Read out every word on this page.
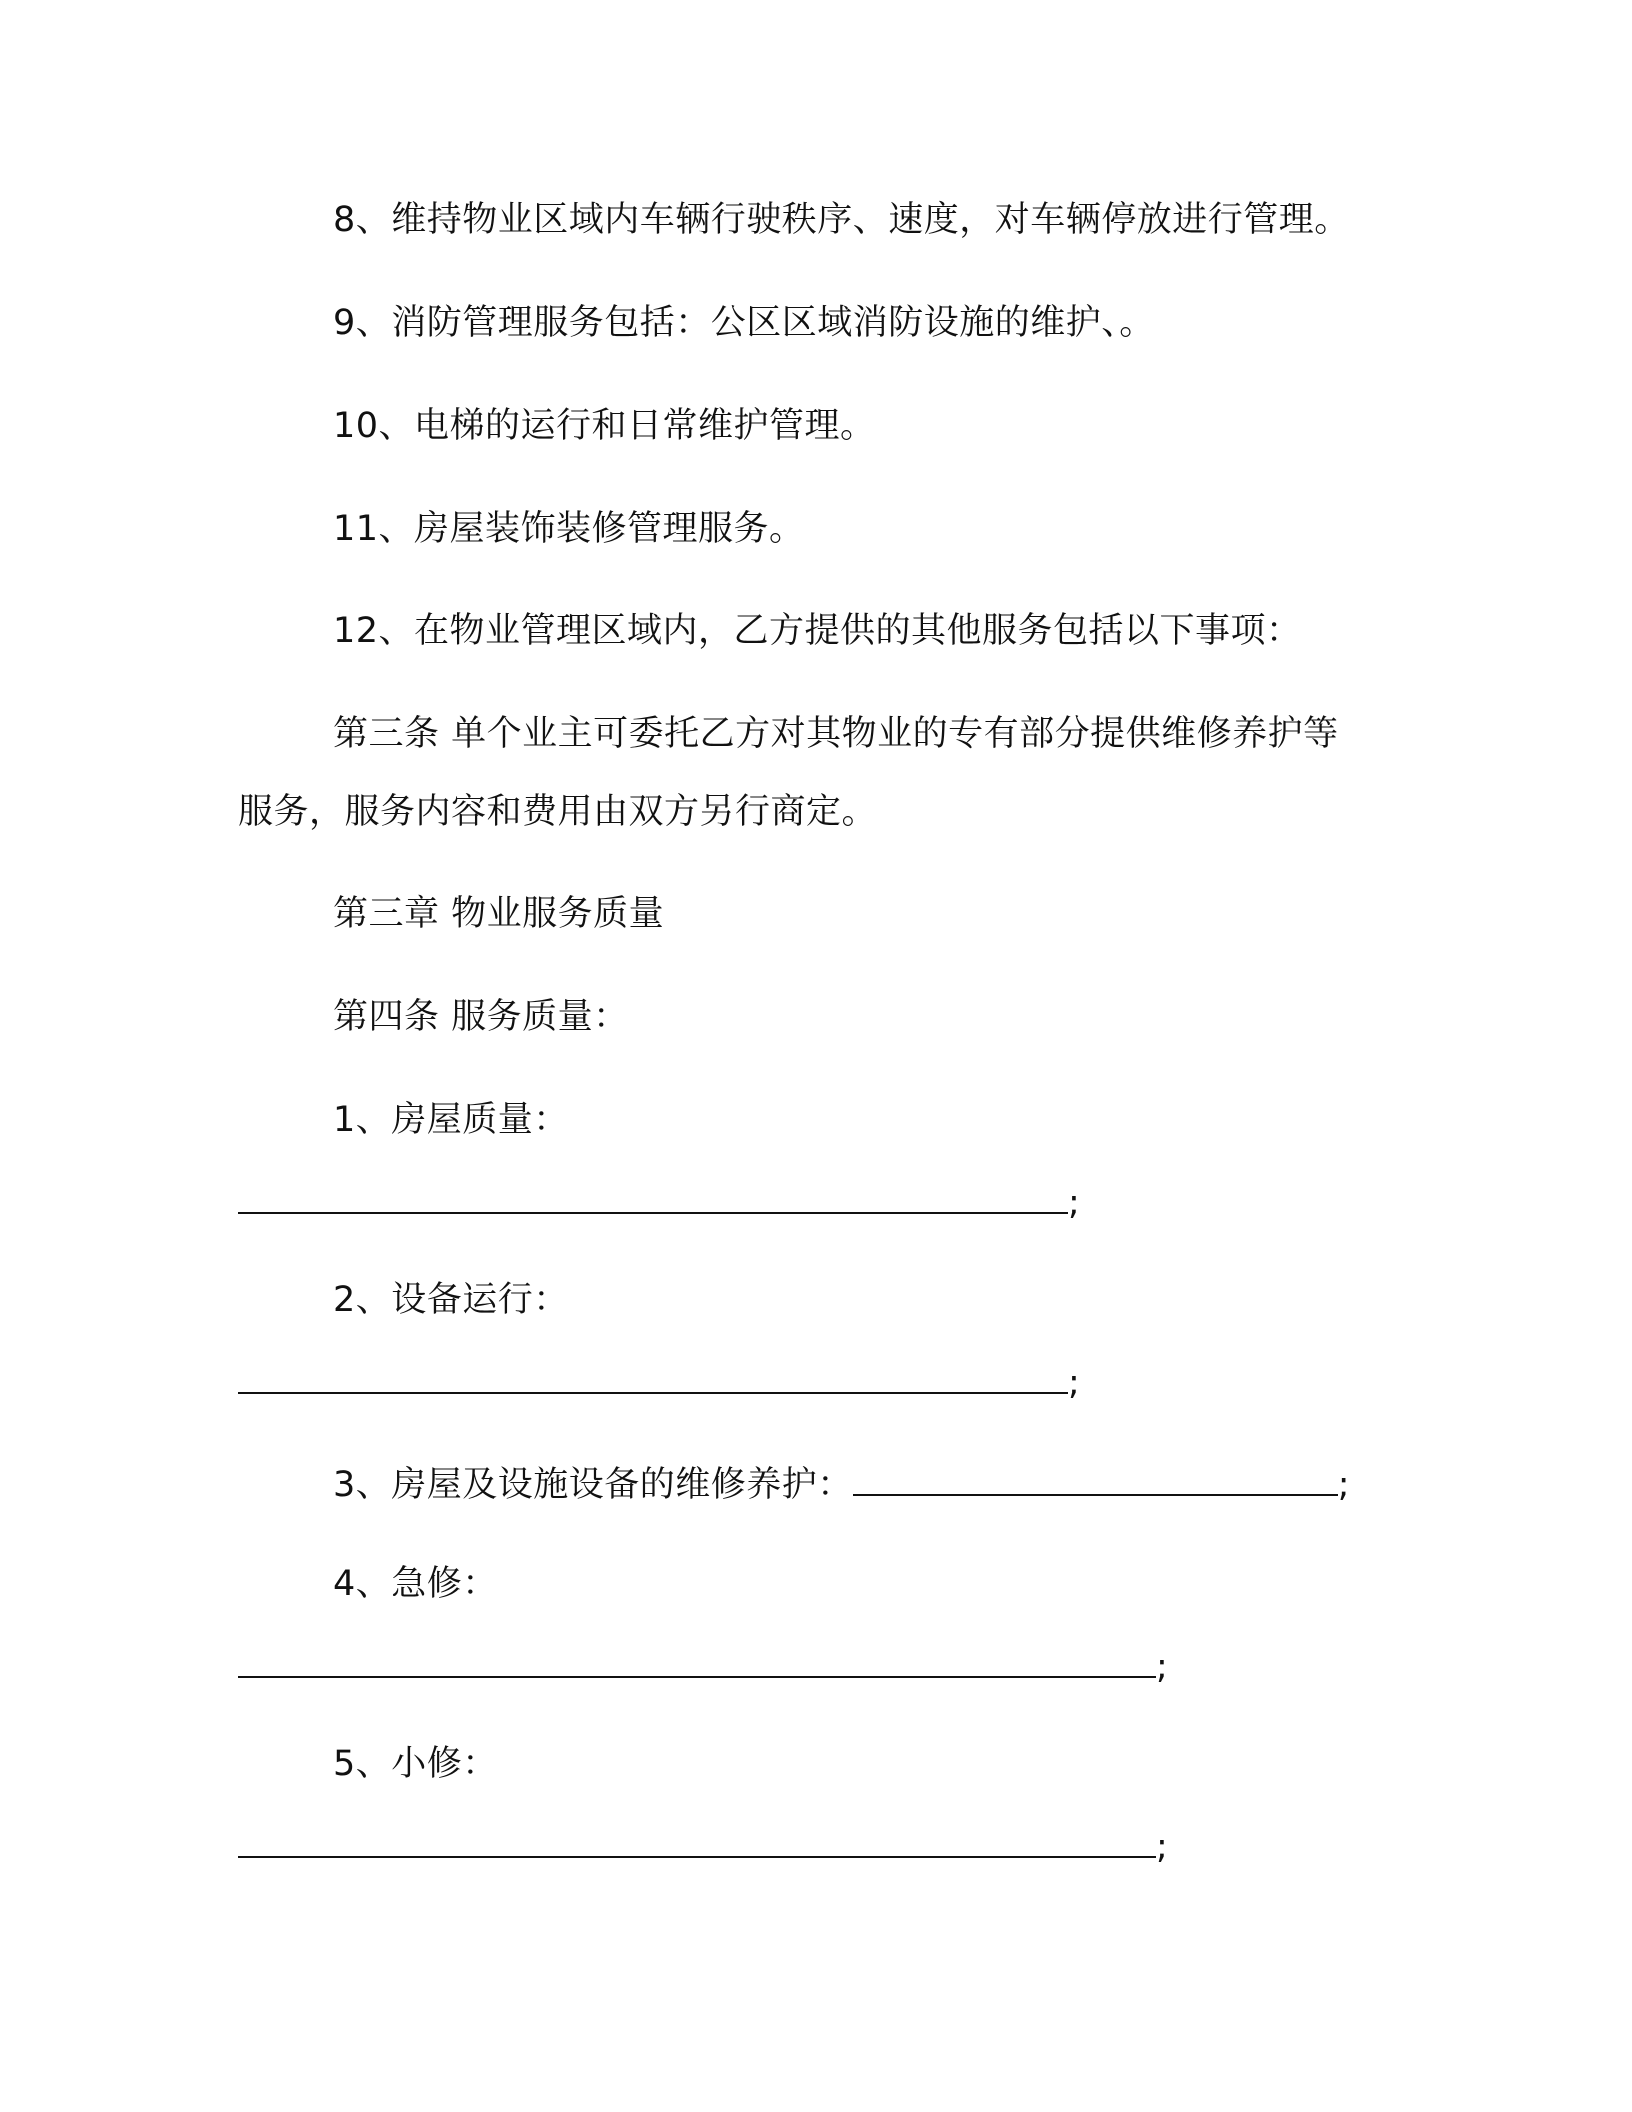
8、维持物业区域内车辆行驶秩序、速度，对车辆停放进行管理。
9、消防管理服务包括：公区区域消防设施的维护、。
10、电梯的运行和日常维护管理。
11、房屋装饰装修管理服务。
12、在物业管理区域内，乙方提供的其他服务包括以下事项：
第三条 单个业主可委托乙方对其物业的专有部分提供维修养护等
服务，服务内容和费用由双方另行商定。
第三章 物业服务质量
第四条 服务质量：
1、房屋质量：
;
2、设备运行：
;
3、房屋及设施设备的维修养护：	;
4、急修：
;
5、小修：
;
